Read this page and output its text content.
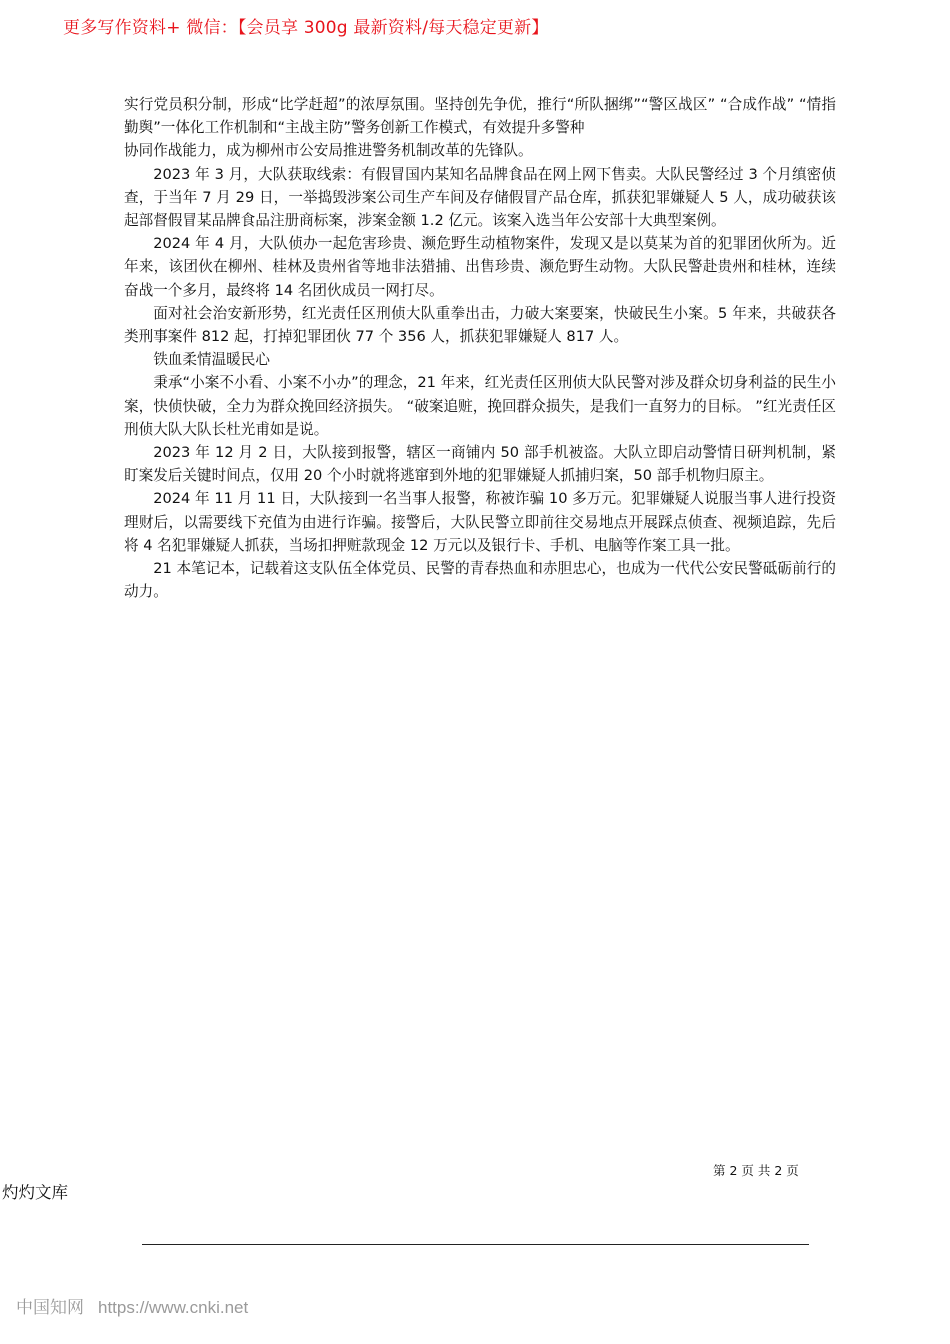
更多写作资料+ 微信：【会员享 300g 最新资料/每天稳定更新】

实行党员积分制，形成“比学赶超”的浓厚氛围。坚持创先争优，推行“所队捆绑”“警区战区” “合成作战” “情指勤舆”一体化工作机制和“主战主防”警务创新工作模式，有效提升多警种

协同作战能力，成为柳州市公安局推进警务机制改革的先锋队。

2023 年 3 月，大队获取线索：有假冒国内某知名品牌食品在网上网下售卖。大队民警经过 3 个月缜密侦查，于当年 7 月 29 日，一举捣毁涉案公司生产车间及存储假冒产品仓库，抓获犯罪嫌疑人 5 人，成功破获该起部督假冒某品牌食品注册商标案，涉案金额 1.2 亿元。该案入选当年公安部十大典型案例。

2024 年 4 月，大队侦办一起危害珍贵、濒危野生动植物案件，发现又是以莫某为首的犯罪团伙所为。近年来，该团伙在柳州、桂林及贵州省等地非法猎捕、出售珍贵、濒危野生动物。大队民警赴贵州和桂林，连续奋战一个多月，最终将 14 名团伙成员一网打尽。

面对社会治安新形势，红光责任区刑侦大队重拳出击，力破大案要案，快破民生小案。5 年来，共破获各类刑事案件 812 起，打掉犯罪团伙 77 个 356 人，抓获犯罪嫌疑人 817 人。

铁血柔情温暖民心

秉承“小案不小看、小案不小办”的理念，21 年来，红光责任区刑侦大队民警对涉及群众切身利益的民生小案，快侦快破，全力为群众挽回经济损失。 “破案追赃，挽回群众损失，是我们一直努力的目标。 ”红光责任区刑侦大队大队长杜光甫如是说。

2023 年 12 月 2 日，大队接到报警，辖区一商铺内 50 部手机被盗。大队立即启动警情日研判机制，紧盯案发后关键时间点，仅用 20 个小时就将逃窜到外地的犯罪嫌疑人抓捕归案，50 部手机物归原主。

2024 年 11 月 11 日，大队接到一名当事人报警，称被诈骗 10 多万元。犯罪嫌疑人说服当事人进行投资理财后，以需要线下充值为由进行诈骗。接警后，大队民警立即前往交易地点开展踩点侦查、视频追踪，先后将 4 名犯罪嫌疑人抓获，当场扣押赃款现金 12 万元以及银行卡、手机、电脑等作案工具一批。

21 本笔记本，记载着这支队伍全体党员、民警的青春热血和赤胆忠心，也成为一代代公安民警砥砺前行的动力。

第 2 页 共 2 页
灼灼文库
中国知网 https://www.cnki.net
